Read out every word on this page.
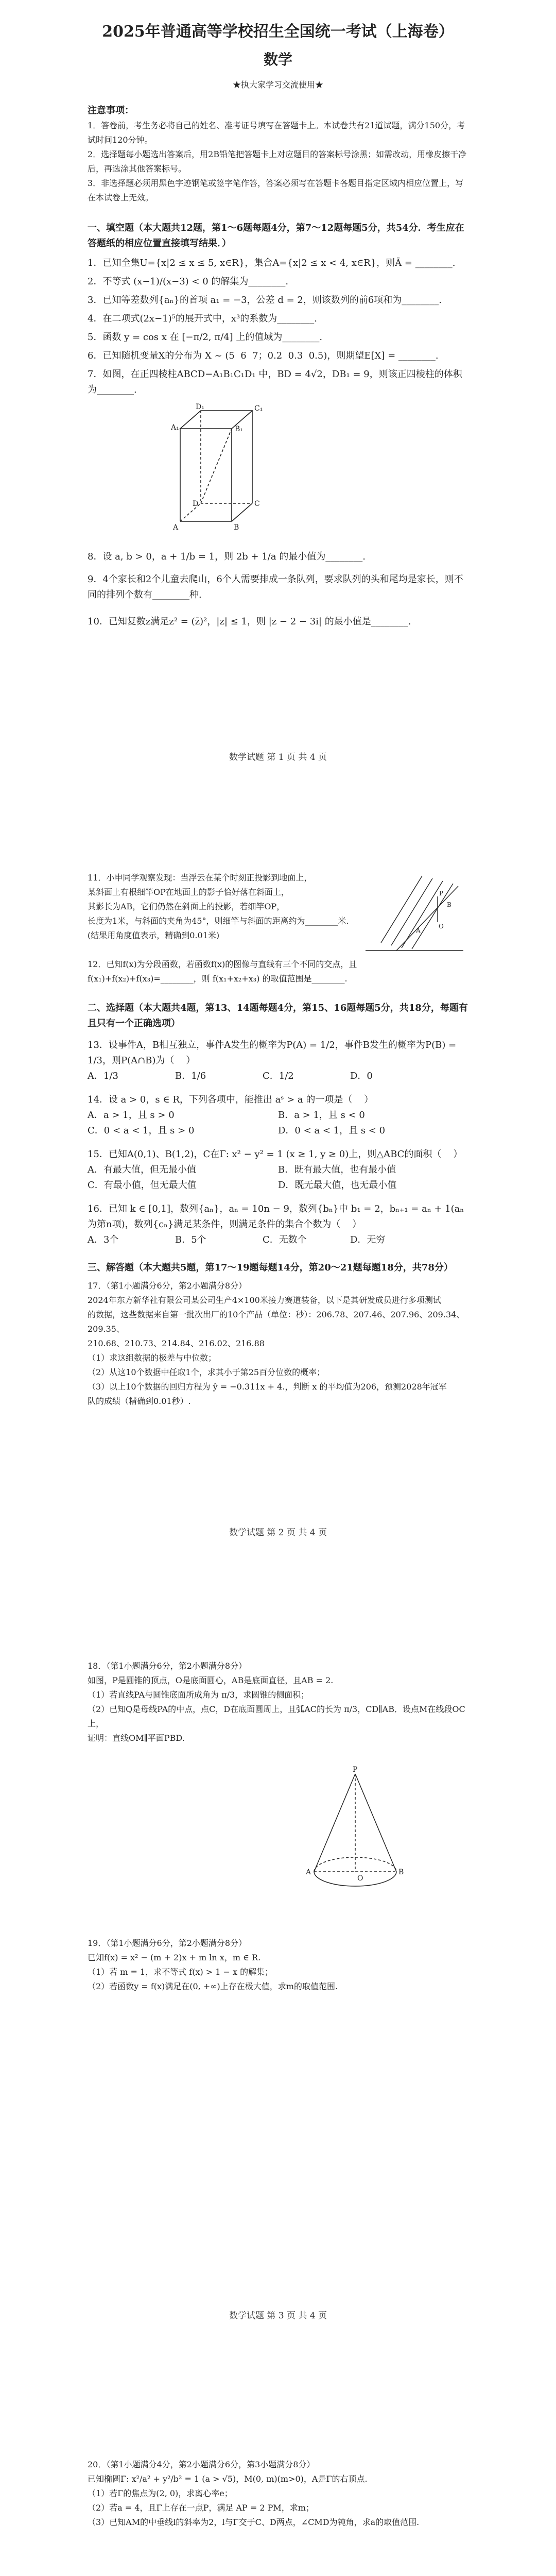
2025年普通高等学校招生全国统一考试（上海卷）
数学
★执大家学习交流使用★
注意事项：
1．答卷前，考生务必将自己的姓名、准考证号填写在答题卡上。本试卷共有21道试题，满分150分，考试时间120分钟。
2．选择题每小题选出答案后，用2B铅笔把答题卡上对应题目的答案标号涂黑；如需改动，用橡皮擦干净后，再选涂其他答案标号。
3．非选择题必须用黑色字迹钢笔或签字笔作答，答案必须写在答题卡各题目指定区域内相应位置上，写在本试卷上无效。
一、填空题（本大题共12题，第1～6题每题4分，第7～12题每题5分，共54分．考生应在答题纸的相应位置直接填写结果．）
1．已知全集U={x|2 ≤ x ≤ 5, x∈R}，集合A={x|2 ≤ x < 4, x∈R}，则Ā = ________.
2．不等式 (x−1)/(x−3) < 0 的解集为________.
3．已知等差数列{aₙ}的首项 a₁ = −3，公差 d = 2，则该数列的前6项和为________.
4．在二项式(2x−1)⁵的展开式中，x³的系数为________.
5．函数 y = cos x 在 [−π/2, π/4] 上的值域为________.
6．已知随机变量X的分布为 X ~ (5  6  7；0.2  0.3  0.5)，则期望E[X] = ________.
7．如图，在正四棱柱ABCD−A₁B₁C₁D₁ 中，BD = 4√2，DB₁ = 9，则该正四棱柱的体积为________.
A₁	B₁
C₁
D₁
A	B
C
D
8．设 a, b > 0，a + 1/b = 1，则 2b + 1/a 的最小值为________.
9．4个家长和2个儿童去爬山，6个人需要排成一条队列，要求队列的头和尾均是家长，则不同的排列个数有________种.
10．已知复数z满足z² = (z̄)²，|z| ≤ 1，则 |z − 2 − 3i| 的最小值是________.
数学试题 第 1 页 共 4 页
11．小申同学观察发现：当浮云在某个时刻正投影到地面上，
某斜面上有根细竿OP在地面上的影子恰好落在斜面上，
其影长为AB，它们仍然在斜面上的投影，若细竿OP，
长度为1米，与斜面的夹角为45°，则细竿与斜面的距离约为________米.
(结果用角度值表示，精确到0.01米)
P
O
A
B
12．已知f(x)为分段函数，若函数f(x)的图像与直线有三个不同的交点，且 f(x₁)+f(x₂)+f(x₃)=________，则 f(x₁+x₂+x₃) 的取值范围是________.
二、选择题（本大题共4题，第13、14题每题4分，第15、16题每题5分，共18分，每题有且只有一个正确选项）
13．设事件A，B相互独立，事件A发生的概率为P(A) = 1/2，事件B发生的概率为P(B) = 1/3，则P(A∩B)为（    ）
A．1/3	B．1/6	C．1/2	D．0
14．设 a > 0，s ∈ R，下列各项中，能推出 aˢ > a 的一项是（    ）
A．a > 1，且 s > 0	B．a > 1，且 s < 0
C．0 < a < 1，且 s > 0	D．0 < a < 1，且 s < 0
15．已知A(0,1)、B(1,2)，C在Γ: x² − y² = 1 (x ≥ 1, y ≥ 0)上，则△ABC的面积（    ）
A．有最大值，但无最小值	B．既有最大值，也有最小值
C．有最小值，但无最大值	D．既无最大值，也无最小值
16．已知 k ∈ [0,1]，数列{aₙ}，aₙ = 10n − 9，数列{bₙ}中 b₁ = 2，bₙ₊₁ = aₙ + 1(aₙ 为第n项)，数列{cₙ}满足某条件，则满足条件的集合个数为（    ）
A．3个	B．5个	C．无数个	D．无穷
三、解答题（本大题共5题，第17～19题每题14分，第20～21题每题18分，共78分）
17．（第1小题满分6分，第2小题满分8分）
2024年东方新华社有限公司某公司生产4×100米接力赛道装备，以下是其研发成员进行多项测试
的数据，这些数据来自第一批次出厂的10个产品（单位：秒）：206.78、207.46、207.96、209.34、209.35、
210.68、210.73、214.84、216.02、216.88
（1）求这组数据的极差与中位数；
（2）从这10个数据中任取1个，求其小于第25百分位数的概率；
（3）以上10个数据的回归方程为 ŷ = −0.311x + 4.，判断 x 的平均值为206，预测2028年冠军
队的成绩（精确到0.01秒）.
数学试题 第 2 页 共 4 页
18．（第1小题满分6分，第2小题满分8分）
如图，P是圆锥的顶点，O是底面圆心，AB是底面直径，且AB = 2.
（1）若直线PA与圆锥底面所成角为 π/3，求圆锥的侧面积；
（2）已知Q是母线PA的中点，点C，D在底面圆周上，且弧AC的长为 π/3，CD∥AB．设点M在线段OC上，
证明：直线OM∥平面PBD.
P
A	B
O
19．（第1小题满分6分，第2小题满分8分）
已知f(x) = x² − (m + 2)x + m ln x，m ∈ R.
（1）若 m = 1，求不等式 f(x) > 1 − x 的解集；
（2）若函数y = f(x)满足在(0, +∞)上存在极大值，求m的取值范围.
数学试题 第 3 页 共 4 页
20．（第1小题满分4分，第2小题满分6分，第3小题满分8分）
已知椭圆Γ: x²/a² + y²/b² = 1 (a > √5)，M(0, m)(m>0)，A是Γ的右顶点.
（1）若Γ的焦点为(2, 0)，求离心率e；
（2）若a = 4，且Γ上存在一点P，满足 AP = 2 PM，求m；
（3）已知AM的中垂线l的斜率为2，l与Γ交于C、D两点，∠CMD为钝角，求a的取值范围.
